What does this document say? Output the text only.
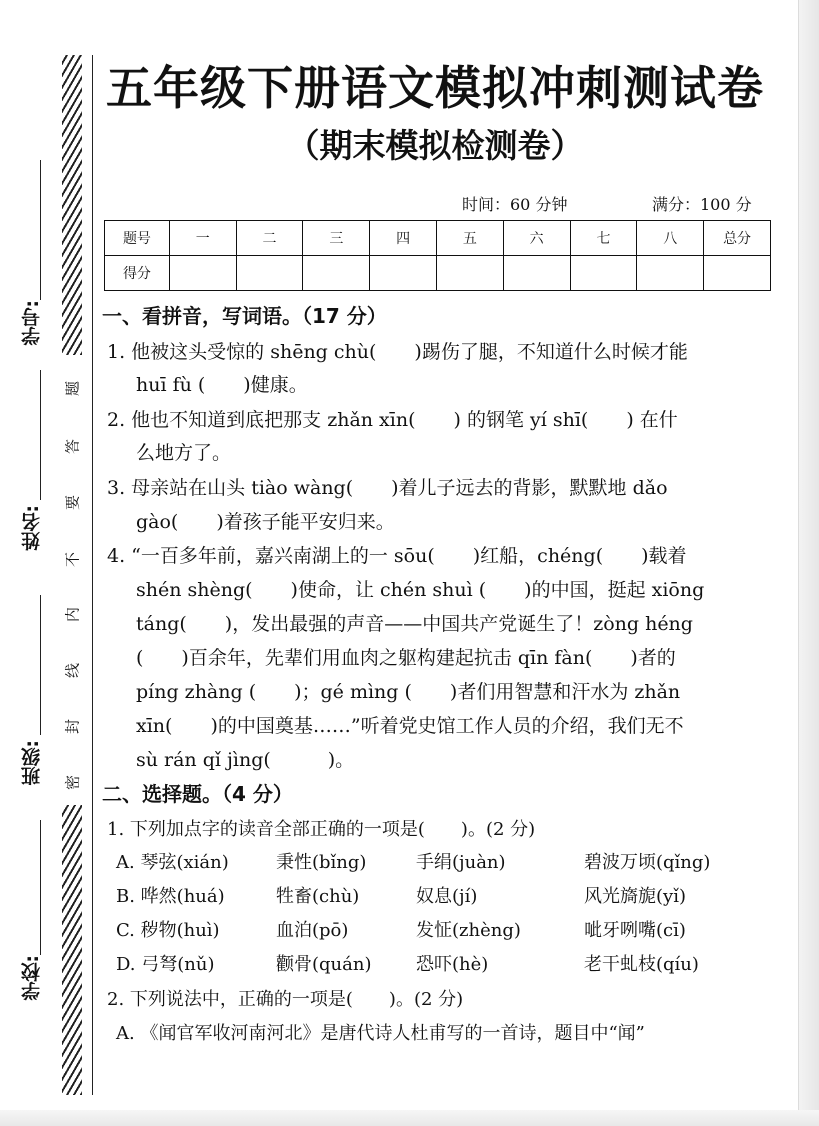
学号:
姓名:
班级:
学校:
题
答
要
不
内
线
封
密
五年级下册语文模拟冲刺测试卷
（期末模拟检测卷）
时间：60 分钟	满分：100 分
题号	一	二	三	四	五	六	七	八	总分
得分									
一、看拼音，写词语。（17 分）
1. 他被这头受惊的 shēng chù(　　)踢伤了腿，不知道什么时候才能
huī fù (　　)健康。
2. 他也不知道到底把那支 zhǎn xīn(　　) 的钢笔 yí shī(　　) 在什
么地方了。
3. 母亲站在山头 tiào wàng(　　)着儿子远去的背影，默默地 dǎo
gào(　　)着孩子能平安归来。
4. “一百多年前，嘉兴南湖上的一 sōu(　　)红船，chéng(　　)载着
shén shèng(　　)使命，让 chén shuì (　　)的中国，挺起 xiōng
táng(　　)，发出最强的声音——中国共产党诞生了！zòng héng
(　　)百余年，先辈们用血肉之躯构建起抗击 qīn fàn(　　)者的
píng zhàng (　　)；gé mìng (　　)者们用智慧和汗水为 zhǎn
xīn(　　)的中国奠基……”听着党史馆工作人员的介绍，我们无不
sù rán qǐ jìng(　　　)。
二、选择题。（4 分）
1. 下列加点字的读音全部正确的一项是(　　)。(2 分)
A. 琴弦(xián)	秉性(bǐng)	手绢(juàn)	碧波万顷(qǐng)
B. 哗然(huá)	牲畜(chù)	奴息(jí)	风光旖旎(yǐ)
C. 秽物(huì)	血泊(pō)	发怔(zhèng)	呲牙咧嘴(cī)
D. 弓弩(nǔ)	颧骨(quán) 恐吓(hè)	老干虬枝(qíu)
2. 下列说法中，正确的一项是(　　)。(2 分)
A. 《闻官军收河南河北》是唐代诗人杜甫写的一首诗，题目中“闻”
